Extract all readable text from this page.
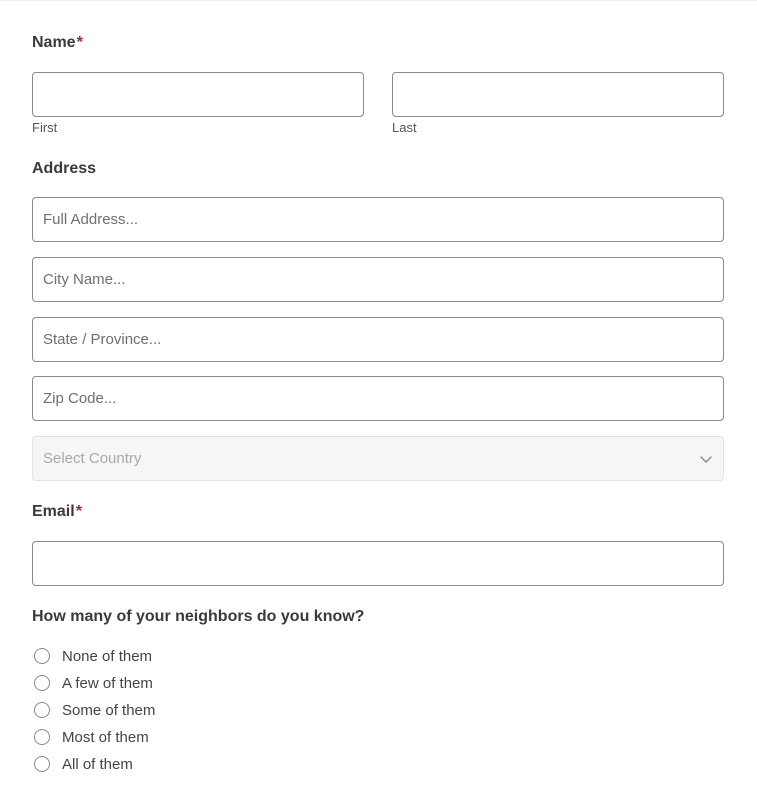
Name*
First	Last
Address
Full Address...
City Name...
State / Province...
Zip Code...
Select Country
Email*
How many of your neighbors do you know?
None of them
A few of them
Some of them
Most of them
All of them
